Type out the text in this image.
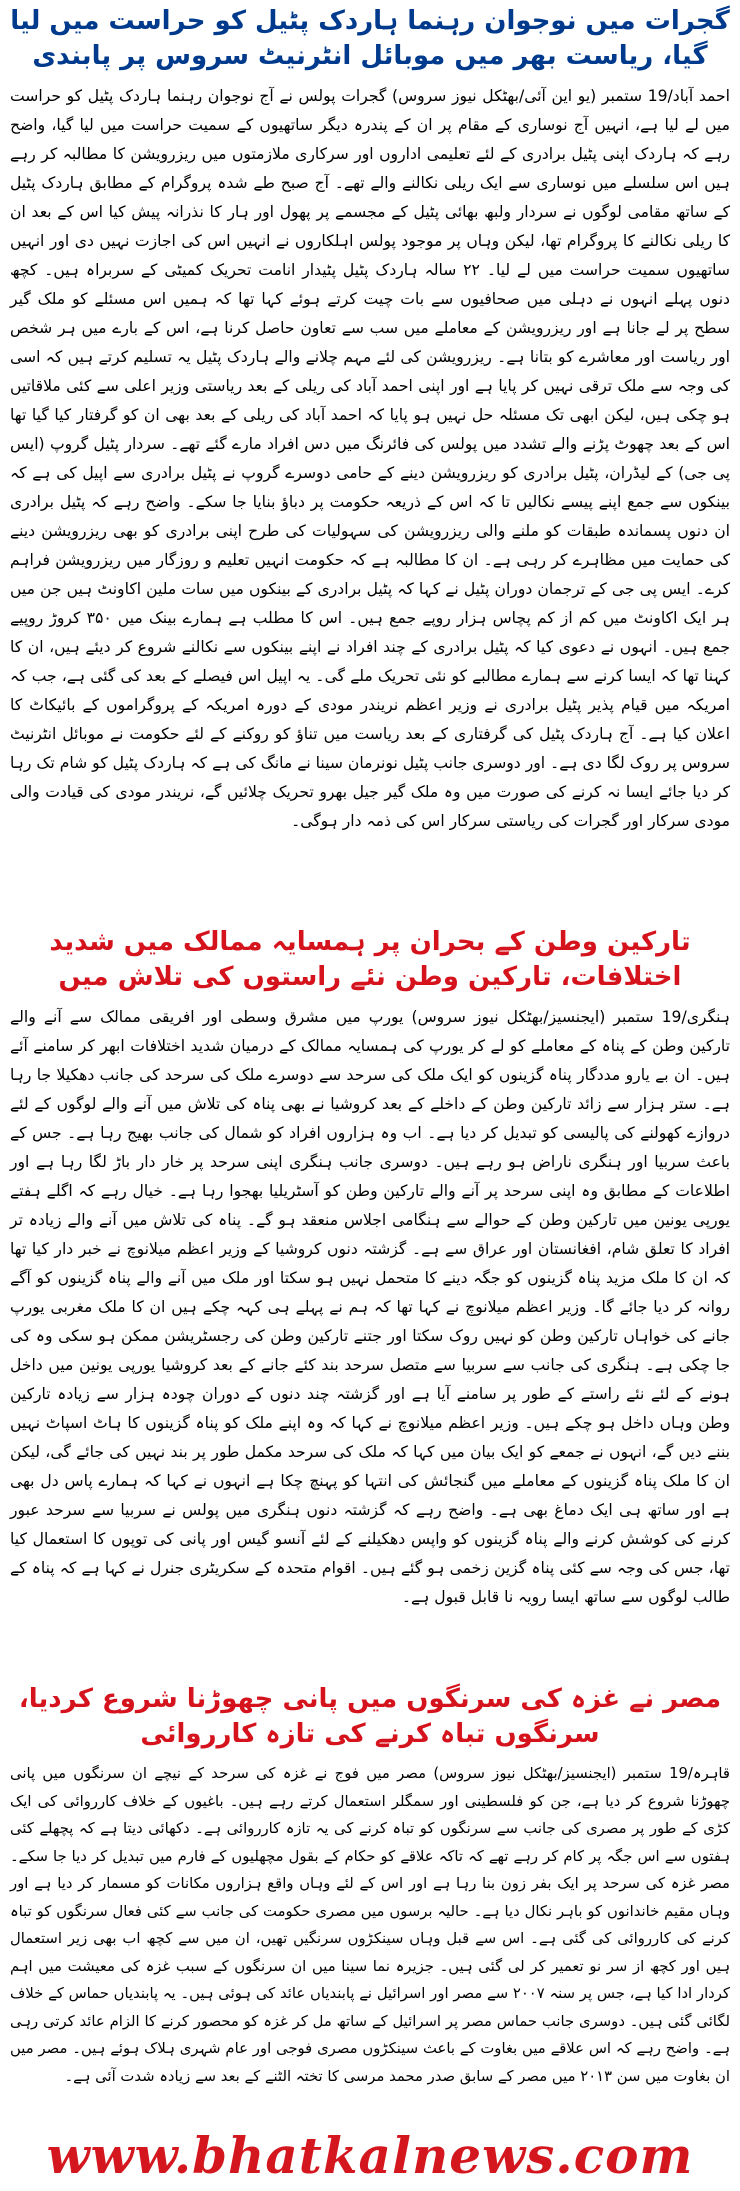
گجرات میں نوجوان رہنما ہاردک پٹیل کو حراست میں لیا گیا، ریاست بھر میں موبائل انٹرنیٹ سروس پر پابندی

احمد آباد/19 ستمبر (یو این آئی/بھٹکل نیوز سروس) گجرات پولس نے آج نوجوان رہنما ہاردک پٹیل کو حراست میں لے لیا ہے، انہیں آج نوساری کے مقام پر ان کے پندرہ دیگر ساتھیوں کے سمیت حراست میں لیا گیا، واضح رہے کہ ہاردک اپنی پٹیل برادری کے لئے تعلیمی اداروں اور سرکاری ملازمتوں میں ریزرویشن کا مطالبہ کر رہے ہیں اس سلسلے میں نوساری سے ایک ریلی نکالنے والے تھے۔ آج صبح طے شدہ پروگرام کے مطابق ہاردک پٹیل کے ساتھ مقامی لوگوں نے سردار ولبھ بھائی پٹیل کے مجسمے پر پھول اور ہار کا نذرانہ پیش کیا اس کے بعد ان کا ریلی نکالنے کا پروگرام تھا، لیکن وہاں پر موجود پولس اہلکاروں نے انہیں اس کی اجازت نہیں دی اور انہیں ساتھیوں سمیت حراست میں لے لیا۔ ۲۲ سالہ ہاردک پٹیل پٹیدار انامت تحریک کمیٹی کے سربراہ ہیں۔ کچھ دنوں پہلے انہوں نے دہلی میں صحافیوں سے بات چیت کرتے ہوئے کہا تھا کہ ہمیں اس مسئلے کو ملک گیر سطح پر لے جانا ہے اور ریزرویشن کے معاملے میں سب سے تعاون حاصل کرنا ہے، اس کے بارے میں ہر شخص اور ریاست اور معاشرے کو بتانا ہے۔ ریزرویشن کی لئے مہم چلانے والے ہاردک پٹیل یہ تسلیم کرتے ہیں کہ اسی کی وجہ سے ملک ترقی نہیں کر پایا ہے اور اپنی احمد آباد کی ریلی کے بعد ریاستی وزیر اعلی سے کئی ملاقاتیں ہو چکی ہیں، لیکن ابھی تک مسئلہ حل نہیں ہو پایا کہ احمد آباد کی ریلی کے بعد بھی ان کو گرفتار کیا گیا تھا اس کے بعد چھوٹ پڑنے والے تشدد میں پولس کی فائرنگ میں دس افراد مارے گئے تھے۔ سردار پٹیل گروپ (ایس پی جی) کے لیڈران، پٹیل برادری کو ریزرویشن دینے کے حامی دوسرے گروپ نے پٹیل برادری سے اپیل کی ہے کہ بینکوں سے جمع اپنے پیسے نکالیں تا کہ اس کے ذریعہ حکومت پر دباؤ بنایا جا سکے۔ واضح رہے کہ پٹیل برادری ان دنوں پسماندہ طبقات کو ملنے والی ریزرویشن کی سہولیات کی طرح اپنی برادری کو بھی ریزرویشن دینے کی حمایت میں مظاہرے کر رہی ہے۔ ان کا مطالبہ ہے کہ حکومت انہیں تعلیم و روزگار میں ریزرویشن فراہم کرے۔ ایس پی جی کے ترجمان دوران پٹیل نے کہا کہ پٹیل برادری کے بینکوں میں سات ملین اکاونٹ ہیں جن میں ہر ایک اکاونٹ میں کم از کم پچاس ہزار روپے جمع ہیں۔ اس کا مطلب ہے ہمارے بینک میں ۳۵۰ کروڑ روپیے جمع ہیں۔ انہوں نے دعوی کیا کہ پٹیل برادری کے چند افراد نے اپنے بینکوں سے نکالنے شروع کر دیئے ہیں، ان کا کہنا تھا کہ ایسا کرنے سے ہمارے مطالبے کو نئی تحریک ملے گی۔ یہ اپیل اس فیصلے کے بعد کی گئی ہے، جب کہ امریکہ میں قیام پذیر پٹیل برادری نے وزیر اعظم نریندر مودی کے دورہ امریکہ کے پروگراموں کے بائیکاٹ کا اعلان کیا ہے۔ آج ہاردک پٹیل کی گرفتاری کے بعد ریاست میں تناؤ کو روکنے کے لئے حکومت نے موبائل انٹرنیٹ سروس پر روک لگا دی ہے۔ اور دوسری جانب پٹیل نونرمان سینا نے مانگ کی ہے کہ ہاردک پٹیل کو شام تک رہا کر دیا جائے ایسا نہ کرنے کی صورت میں وہ ملک گیر جیل بھرو تحریک چلائیں گے، نریندر مودی کی قیادت والی مودی سرکار اور گجرات کی ریاستی سرکار اس کی ذمہ دار ہوگی۔

تارکین وطن کے بحران پر ہمسایہ ممالک میں شدید اختلافات، تارکین وطن نئے راستوں کی تلاش میں

ہنگری/19 ستمبر (ایجنسیز/بھٹکل نیوز سروس) یورپ میں مشرق وسطی اور افریقی ممالک سے آنے والے تارکین وطن کے پناہ کے معاملے کو لے کر یورپ کی ہمسایہ ممالک کے درمیان شدید اختلافات ابھر کر سامنے آئے ہیں۔ ان بے یارو مددگار پناہ گزینوں کو ایک ملک کی سرحد سے دوسرے ملک کی سرحد کی جانب دھکیلا جا رہا ہے۔ ستر ہزار سے زائد تارکین وطن کے داخلے کے بعد کروشیا نے بھی پناہ کی تلاش میں آنے والے لوگوں کے لئے دروازے کھولنے کی پالیسی کو تبدیل کر دیا ہے۔ اب وہ ہزاروں افراد کو شمال کی جانب بھیج رہا ہے۔ جس کے باعث سربیا اور ہنگری ناراض ہو رہے ہیں۔ دوسری جانب ہنگری اپنی سرحد پر خار دار باڑ لگا رہا ہے اور اطلاعات کے مطابق وہ اپنی سرحد پر آنے والے تارکین وطن کو آسٹریلیا بھجوا رہا ہے۔ خیال رہے کہ اگلے ہفتے یورپی یونین میں تارکین وطن کے حوالے سے ہنگامی اجلاس منعقد ہو گے۔ پناہ کی تلاش میں آنے والے زیادہ تر افراد کا تعلق شام، افغانستان اور عراق سے ہے۔ گزشتہ دنوں کروشیا کے وزیر اعظم میلانوچ نے خبر دار کیا تھا کہ ان کا ملک مزید پناہ گزینوں کو جگہ دینے کا متحمل نہیں ہو سکتا اور ملک میں آنے والے پناہ گزینوں کو آگے روانہ کر دیا جائے گا۔ وزیر اعظم میلانوچ نے کہا تھا کہ ہم نے پہلے ہی کہہ چکے ہیں ان کا ملک مغربی یورپ جانے کی خواہاں تارکین وطن کو نہیں روک سکتا اور جتنے تارکین وطن کی رجسٹریشن ممکن ہو سکی وہ کی جا چکی ہے۔ ہنگری کی جانب سے سربیا سے متصل سرحد بند کئے جانے کے بعد کروشیا یورپی یونین میں داخل ہونے کے لئے نئے راستے کے طور پر سامنے آیا ہے اور گزشتہ چند دنوں کے دوران چودہ ہزار سے زیادہ تارکین وطن وہاں داخل ہو چکے ہیں۔ وزیر اعظم میلانوچ نے کہا کہ وہ اپنے ملک کو پناہ گزینوں کا ہاٹ اسپاٹ نہیں بننے دیں گے، انہوں نے جمعے کو ایک بیان میں کہا کہ ملک کی سرحد مکمل طور پر بند نہیں کی جائے گی، لیکن ان کا ملک پناہ گزینوں کے معاملے میں گنجائش کی انتہا کو پہنچ چکا ہے انہوں نے کہا کہ ہمارے پاس دل بھی ہے اور ساتھ ہی ایک دماغ بھی ہے۔ واضح رہے کہ گزشتہ دنوں ہنگری میں پولس نے سربیا سے سرحد عبور کرنے کی کوشش کرنے والے پناہ گزینوں کو واپس دھکیلنے کے لئے آنسو گیس اور پانی کی توپوں کا استعمال کیا تھا، جس کی وجہ سے کئی پناہ گزین زخمی ہو گئے ہیں۔ اقوام متحدہ کے سکریٹری جنرل نے کہا ہے کہ پناہ کے طالب لوگوں سے ساتھ ایسا رویہ نا قابل قبول ہے۔

مصر نے غزہ کی سرنگوں میں پانی چھوڑنا شروع کردیا، سرنگوں تباہ کرنے کی تازہ کارروائی

قاہرہ/19 ستمبر (ایجنسیز/بھٹکل نیوز سروس) مصر میں فوج نے غزہ کی سرحد کے نیچے ان سرنگوں میں پانی چھوڑنا شروع کر دیا ہے، جن کو فلسطینی اور سمگلر استعمال کرتے رہے ہیں۔ باغیوں کے خلاف کارروائی کی ایک کڑی کے طور پر مصری کی جانب سے سرنگوں کو تباہ کرنے کی یہ تازہ کارروائی ہے۔ دکھائی دیتا ہے کہ پچھلے کئی ہفتوں سے اس جگہ پر کام کر رہے تھے کہ تاکہ علاقے کو حکام کے بقول مچھلیوں کے فارم میں تبدیل کر دیا جا سکے۔ مصر غزہ کی سرحد پر ایک بفر زون بنا رہا ہے اور اس کے لئے وہاں واقع ہزاروں مکانات کو مسمار کر دیا ہے اور وہاں مقیم خاندانوں کو باہر نکال دیا ہے۔ حالیہ برسوں میں مصری حکومت کی جانب سے کئی فعال سرنگوں کو تباہ کرنے کی کارروائی کی گئی ہے۔ اس سے قبل وہاں سینکڑوں سرنگیں تھیں، ان میں سے کچھ اب بھی زیر استعمال ہیں اور کچھ از سر نو تعمیر کر لی گئی ہیں۔ جزیرہ نما سینا میں ان سرنگوں کے سبب غزہ کی معیشت میں اہم کردار ادا کیا ہے، جس پر سنہ ۲۰۰۷ سے مصر اور اسرائیل نے پابندیاں عائد کی ہوئی ہیں۔ یہ پابندیاں حماس کے خلاف لگائی گئی ہیں۔ دوسری جانب حماس مصر پر اسرائیل کے ساتھ مل کر غزہ کو محصور کرنے کا الزام عائد کرتی رہی ہے۔ واضح رہے کہ اس علاقے میں بغاوت کے باعث سینکڑوں مصری فوجی اور عام شہری ہلاک ہوئے ہیں۔ مصر میں ان بغاوت میں سن ۲۰۱۳ میں مصر کے سابق صدر محمد مرسی کا تختہ الٹنے کے بعد سے زیادہ شدت آئی ہے۔

www.bhatkalnews.com
